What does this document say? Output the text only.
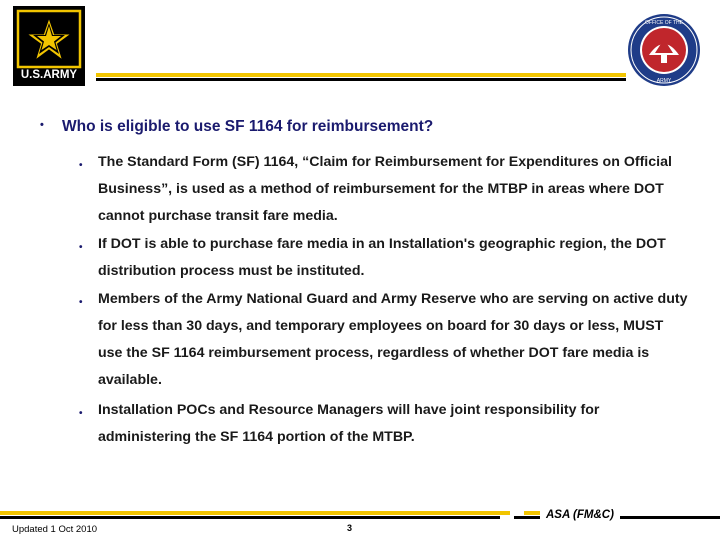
U.S.ARMY
OFFICE OF THE
ARMY
• Who is eligible to use SF 1164 for reimbursement?
• The Standard Form (SF) 1164, “Claim for Reimbursement for Expenditures on Official Business”, is used as a method of reimbursement for the MTBP in areas where DOT cannot purchase transit fare media.
• If DOT is able to purchase fare media in an Installation's geographic region, the DOT distribution process must be instituted.
• Members of the Army National Guard and Army Reserve who are serving on active duty for less than 30 days, and temporary employees on board for 30 days or less, MUST use the SF 1164 reimbursement process, regardless of whether DOT fare media is available.
• Installation POCs and Resource Managers will have joint responsibility for administering the SF 1164 portion of the MTBP.
ASA (FM&C)
Updated 1 Oct 2010	3
